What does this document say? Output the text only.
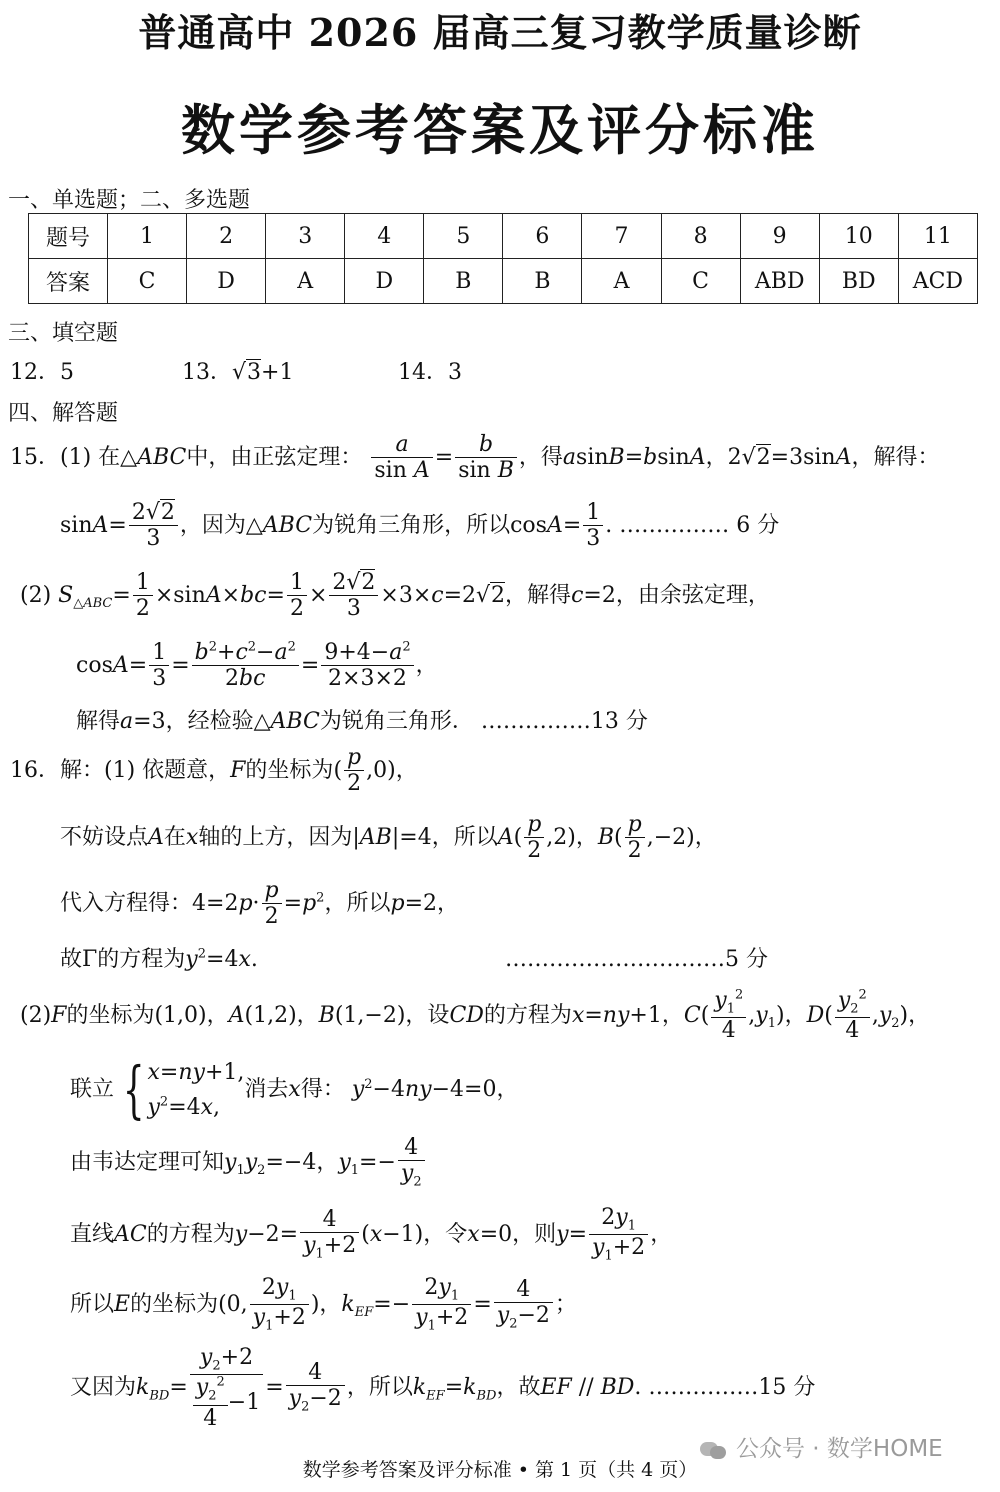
普通高中 2026 届高三复习教学质量诊断
数学参考答案及评分标准
一、单选题；二、多选题
题号	1	2	3	4	5	6	7	8	9	10	11
答案	C	D	A	D	B	B	A	C	ABD	BD	ACD
三、填空题
12．5	13．√3+1	14．3
四、解答题
15．(1) 在△ABC中，由正弦定理： $\frac{a}{\text{sin A}} = \frac{b}{\text{sin B}}$ ，得asinB=bsinA，2√2=3sinA，解得：
$\sin A= \frac{2√2}{3}$ ，因为△ABC为锐角三角形，所以$\cos A= \frac{1}{3}$ . …………… 6 分
(2) $S_{\triangle ABC}= \frac{1}{2} \times\sin A\times bc= \frac{1}{2} \times \frac{2√2}{3} \times 3\times c=2√2$，解得c=2，由余弦定理，
$\cos A= \frac{1}{3} = \frac{b^2+c^2-a^2}{2bc} = \frac{9+4-a^2}{2\times 3\times 2}$ ，
解得a=3，经检验△ABC为锐角三角形． ……………13 分
16．解：(1) 依题意，F的坐标为( $\frac{p}{2} ,0$)，
不妨设点A在x轴的上方，因为|AB|=4，所以$A( \frac{p}{2} ,2)$，$B( \frac{p}{2} ,-2)$，
代入方程得：$4=2p\cdot \frac{p}{2} =p^2$，所以p=2，
故Γ的方程为$y^2=4x$.	…………………………5 分
(2)F的坐标为(1,0)，A(1,2)，B(1,−2)，设CD的方程为x=ny+1，$C( \frac{y_1^2}{4} ,y_1)$，$D( \frac{y_2^2}{4} ,y_2)$，
联立 { x=ny+1,
$y^2=4x$,
消去x得： $y^2-4ny-4=0$，
由韦达定理可知$y_1y_2=-4$，$y_1=- \frac{4}{y_2}$
直线AC的方程为$y-2= \frac{4}{y_1+2} (x-1)$，令x=0，则$y= \frac{2y_1}{y_1+2}$ ，
所以E的坐标为(0, $\frac{2y_1}{y_1+2}$ )，$k_{EF}=- \frac{2y_1}{y_1+2} = \frac{4}{y_2-2}$ ；
又因为$k_{BD}= \frac{y_2+2}{\frac{y_2^2}{4} -1} = \frac{4}{y_2-2}$ ，所以$k_{EF}=k_{BD}$，故EF // BD. ……………15 分
公众号 · 数学HOME
数学参考答案及评分标准 • 第 1 页（共 4 页）
